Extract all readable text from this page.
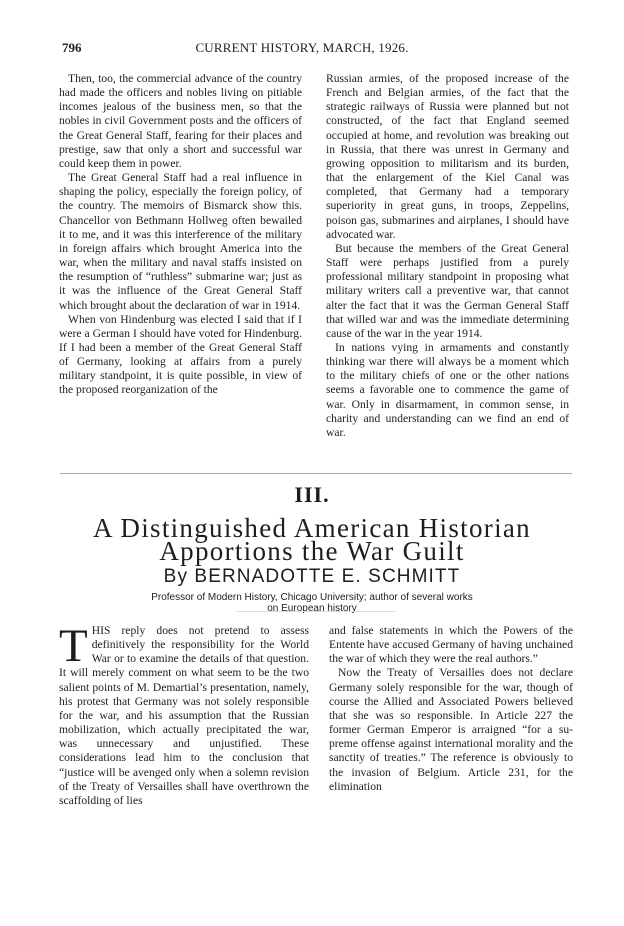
796	CURRENT HISTORY, MARCH, 1926.

Then, too, the commercial advance of the country had made the officers and nobles living on pitiable incomes jealous of the business men, so that the nobles in civil Government posts and the officers of the Great General Staff, fearing for their places and prestige, saw that only a short and successful war could keep them in power.

The Great General Staff had a real influence in shaping the policy, especially the foreign policy, of the country. The memoirs of Bismarck show this. Chancellor von Bethmann Hollweg often bewailed it to me, and it was this interference of the military in foreign affairs which brought America into the war, when the military and naval staffs insisted on the resumption of “ruthless” submarine war; just as it was the influence of the Great General Staff which brought about the declaration of war in 1914.

When von Hindenburg was elected I said that if I were a German I should have voted for Hindenburg. If I had been a member of the Great General Staff of Germany, looking at affairs from a purely military standpoint, it is quite possible, in view of the proposed reorganization of the

Russian armies, of the proposed increase of the French and Belgian armies, of the fact that the strategic railways of Russia were planned but not constructed, of the fact that England seemed occupied at home, and revolution was breaking out in Russia, that there was unrest in Germany and growing opposition to militarism and its burden, that the enlargement of the Kiel Canal was completed, that Germany had a temporary superiority in great guns, in troops, Zeppelins, poison gas, submarines and airplanes, I should have advocated war.

But because the members of the Great General Staff were perhaps justified from a purely professional military standpoint in proposing what military writers call a preventive war, that cannot alter the fact that it was the German General Staff that willed war and was the immediate determining cause of the war in the year 1914.

In nations vying in armaments and constantly thinking war there will always be a moment which to the military chiefs of one or the other nations seems a favorable one to commence the game of war. Only in disarmament, in common sense, in charity and understanding can we find an end of war.

III.
A Distinguished American Historian
Apportions the War Guilt
By BERNADOTTE E. SCHMITT
Professor of Modern History, Chicago University; author of several works
on European history

THIS reply does not pretend to assess definitively the responsibility for the World War or to examine the details of that question. It will merely comment on what seem to be the two salient points of M. Demartial’s presentation, namely, his protest that Germany was not solely responsible for the war, and his assumption that the Russian mobilization, which actually precipitated the war, was unnecessary and unjustified. These considerations lead him to the conclusion that “justice will be avenged only when a solemn revision of the Treaty of Versailles shall have overthrown the scaffolding of lies

and false statements in which the Powers of the Entente have accused Germany of having unchained the war of which they were the real authors.”

Now the Treaty of Versailles does not declare Germany solely responsible for the war, though of course the Allied and Associated Powers believed that she was so responsible. In Article 227 the former German Emperor is arraigned “for a supreme offense against international morality and the sanctity of treaties.” The reference is obviously to the invasion of Belgium. Article 231, for the elimination
